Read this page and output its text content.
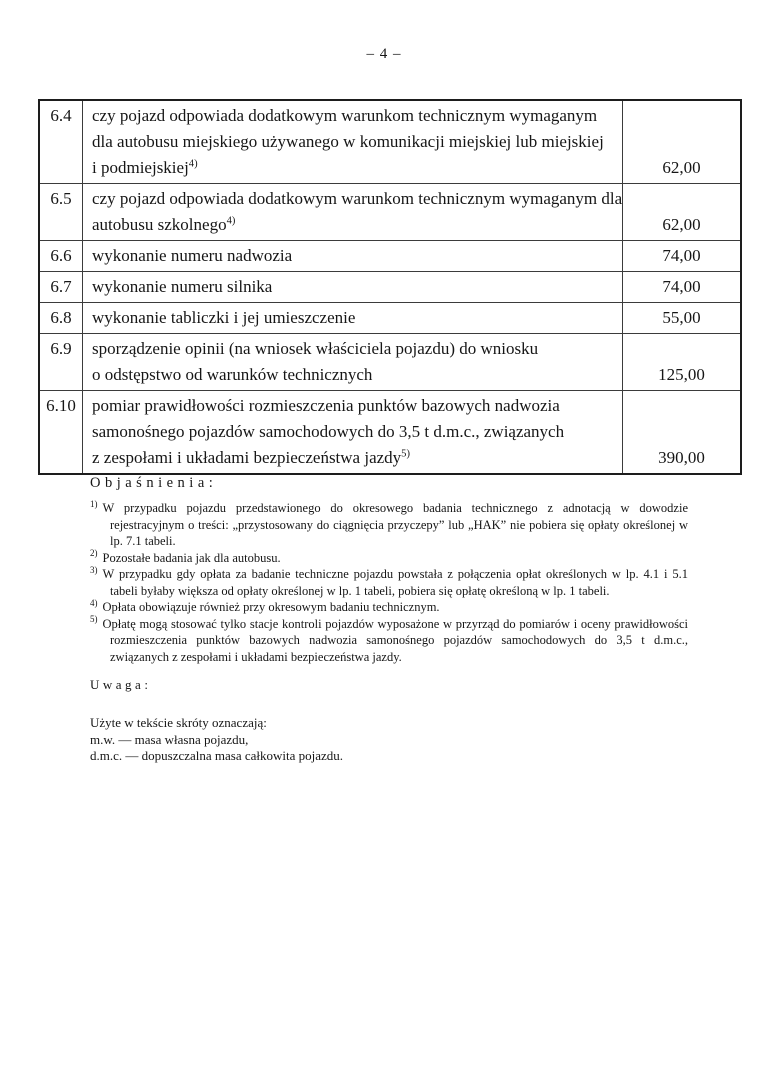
– 4 –
6.4	czy pojazd odpowiada dodatkowym warunkom technicznym wymaganym
dla autobusu miejskiego używanego w komunikacji miejskiej lub miejskiej
i podmiejskiej$^{4)}$	62,00
6.5	czy pojazd odpowiada dodatkowym warunkom technicznym wymaganym dla
autobusu szkolnego$^{4)}$	62,00
6.6	wykonanie numeru nadwozia	74,00
6.7	wykonanie numeru silnika	74,00
6.8	wykonanie tabliczki i jej umieszczenie	55,00
6.9	sporządzenie opinii (na wniosek właściciela pojazdu) do wniosku
o odstępstwo od warunków technicznych	125,00
6.10	pomiar prawidłowości rozmieszczenia punktów bazowych nadwozia
samonośnego pojazdów samochodowych do 3,5 t d.m.c., związanych
z zespołami i układami bezpieczeństwa jazdy$^{5)}$	390,00
Objaśnienia:
$^{1)}$ W przypadku pojazdu przedstawionego do okresowego badania technicznego z adnotacją w dowodzie rejestracyjnym o treści: „przystosowany do ciągnięcia przyczepy” lub „HAK” nie pobiera się opłaty określonej w lp. 7.1 tabeli.
$^{2)}$ Pozostałe badania jak dla autobusu.
$^{3)}$ W przypadku gdy opłata za badanie techniczne pojazdu powstała z połączenia opłat określonych w lp. 4.1 i 5.1 tabeli byłaby większa od opłaty określonej w lp. 1 tabeli, pobiera się opłatę określoną w lp. 1 tabeli.
$^{4)}$ Opłata obowiązuje również przy okresowym badaniu technicznym.
$^{5)}$ Opłatę mogą stosować tylko stacje kontroli pojazdów wyposażone w przyrząd do pomiarów i oceny prawidłowości rozmieszczenia punktów bazowych nadwozia samonośnego pojazdów samochodowych do 3,5 t d.m.c., związanych z zespołami i układami bezpieczeństwa jazdy.
Uwaga:
Użyte w tekście skróty oznaczają:
m.w. — masa własna pojazdu,
d.m.c. — dopuszczalna masa całkowita pojazdu.
